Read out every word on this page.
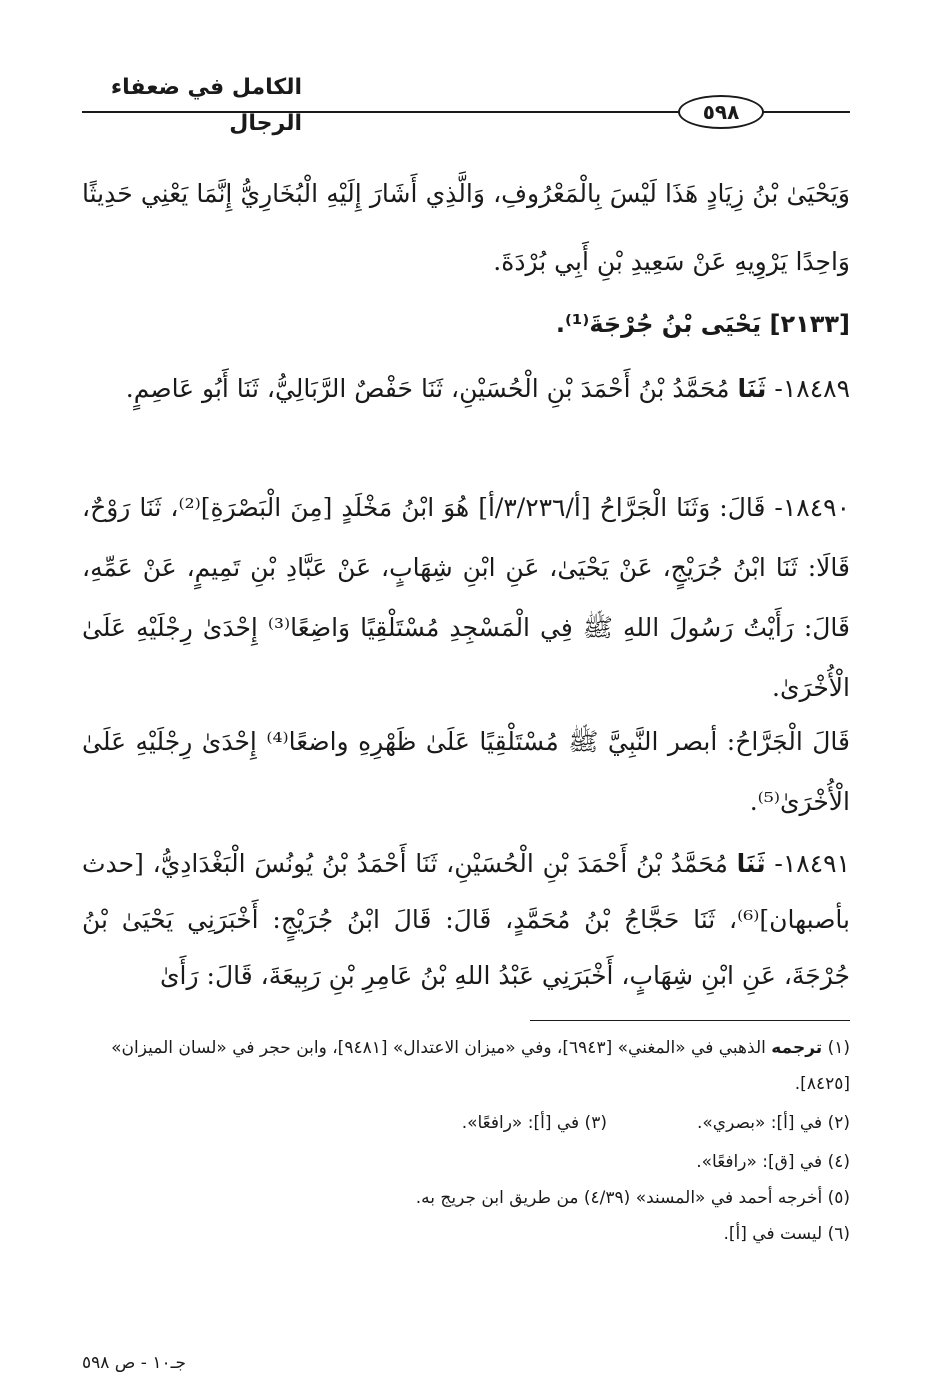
الكامل في ضعفاء الرجال	٥٩٨
وَيَحْيَىٰ بْنُ زِيَادٍ هَذَا لَيْسَ بِالْمَعْرُوفِ، وَالَّذِي أَشَارَ إِلَيْهِ الْبُخَارِيُّ إِنَّمَا يَعْنِي حَدِيثًا وَاحِدًا يَرْوِيهِ عَنْ سَعِيدِ بْنِ أَبِي بُرْدَةَ.
[٢١٣٣] يَحْيَى بْنُ جُرْجَةَ⁽¹⁾.
١٨٤٨٩- ثَنَا مُحَمَّدُ بْنُ أَحْمَدَ بْنِ الْحُسَيْنِ، ثَنَا حَفْصٌ الرَّبَالِيُّ، ثَنَا أَبُو عَاصِمٍ.
١٨٤٩٠- قَالَ: وَثَنَا الْجَرَّاحُ [أ/٣/٢٣٦/أ] هُوَ ابْنُ مَخْلَدٍ [مِنَ الْبَصْرَةِ]⁽²⁾، ثَنَا رَوْحٌ، قَالَا: ثَنَا ابْنُ جُرَيْجٍ، عَنْ يَحْيَىٰ، عَنِ ابْنِ شِهَابٍ، عَنْ عَبَّادِ بْنِ تَمِيمٍ، عَنْ عَمِّهِ، قَالَ: رَأَيْتُ رَسُولَ اللهِ ﷺ فِي الْمَسْجِدِ مُسْتَلْقِيًا وَاضِعًا⁽³⁾ إِحْدَىٰ رِجْلَيْهِ عَلَىٰ الْأُخْرَىٰ.
قَالَ الْجَرَّاحُ: أبصر النَّبِيَّ ﷺ مُسْتَلْقِيًا عَلَىٰ ظَهْرِهِ واضعًا⁽⁴⁾ إِحْدَىٰ رِجْلَيْهِ عَلَىٰ الْأُخْرَىٰ⁽⁵⁾.
١٨٤٩١- ثَنَا مُحَمَّدُ بْنُ أَحْمَدَ بْنِ الْحُسَيْنِ، ثَنَا أَحْمَدُ بْنُ يُونُسَ الْبَغْدَادِيُّ، [حدث بأصبهان]⁽⁶⁾، ثَنَا حَجَّاجُ بْنُ مُحَمَّدٍ، قَالَ: قَالَ ابْنُ جُرَيْجٍ: أَخْبَرَنِي يَحْيَىٰ بْنُ جُرْجَةَ، عَنِ ابْنِ شِهَابٍ، أَخْبَرَنِي عَبْدُ اللهِ بْنُ عَامِرِ بْنِ رَبِيعَةَ، قَالَ: رَأَىٰ
(١) ترجمه الذهبي في «المغني» [٦٩٤٣]، وفي «ميزان الاعتدال» [٩٤٨١]، وابن حجر في «لسان الميزان» [٨٤٢٥].
(٢) في [أ]: «بصري».
(٣) في [أ]: «رافعًا».
(٤) في [ق]: «رافعًا».
(٥) أخرجه أحمد في «المسند» (٤/٣٩) من طريق ابن جريج به.
(٦) ليست في [أ].
جـ١٠ - ص ٥٩٨
